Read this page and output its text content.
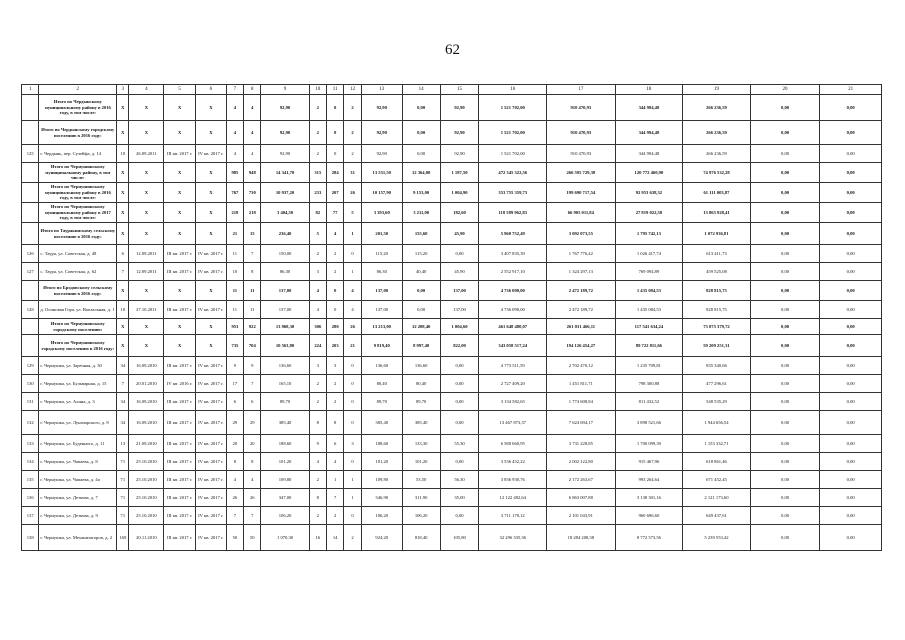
62
1	2	3	4	5	6	7	8	9	10	11	12	13	14	15	16	17	18	19	20	21
	Итого по Чердынскому муниципальному району в 2016 году, в том числе:	X	X	X	X	4	4	92,90	2	0	2	92,90	0,00	92,90	1 521 702,00	910 470,93	344 994,48	266 236,59	0,00	0,00
	Итого по Чердынскому городскому поселению в 2016 году:	X	X	X	X	4	4	92,90	2	0	2	92,90	0,00	92,90	1 521 702,00	910 470,93	344 994,48	266 236,59	0,00	0,00
125	г. Чердынь, пер. Сулейфа, д. 14	10	26.09.2011	III кв. 2017 г.	IV кв. 2017 г.	4	4	92,90	2	0	2	92,90	0,00	92,90	1 521 702,00	910 470,93	344 994,48	266 236,59	0,00	0,00
	Итого по Чернушинскому муниципальному району, в том числе:	X	X	X	X	985	948	14 341,70	315	284	31	13 551,50	12 364,00	1 187,50	472 345 322,56	266 595 729,38	120 772 460,90	74 976 532,28	0,00	0,00
	Итого по Чернушинскому муниципальному району в 2016 году, в том числе:	X	X	X	X	767	730	10 937,20	233	207	26	10 157,90	9 153,00	1 004,90	353 755 359,73	199 690 717,54	92 953 638,32	61 111 003,87	0,00	0,00
	Итого по Чернушинскому муниципальному району в 2017 году, в том числе:	X	X	X	X	218	218	3 404,50	82	77	5	3 393,60	3 211,00	182,60	118 589 962,83	66 905 011,84	27 819 022,58	13 865 928,41	0,00	0,00
	Итого по Тауракинскому сельскому поселению в 2016 году:	X	X	X	X	21	15	236,40	5	4	1	201,50	155,60	45,90	5 960 752,49	3 092 073,55	1 795 742,13	1 072 936,81	0,00	0,00
126	с. Таура, ул. Советская, д. 48	6	12.09.2011	III кв. 2017 г.	IV кв. 2017 г.	11	7	150,00	2	2	0	115,20	115,20	0,00	3 407 835,39	1 767 776,42	1 026 417,74	613 411,73	0,00	0,00
127	с. Таура, ул. Советская, д. 62	7	12.09.2011	III кв. 2017 г.	IV кв. 2017 г.	10	8	86,30	3	2	1	86,30	40,40	45,90	2 552 917,10	1 324 297,13	769 094,89	459 525,08	0,00	0,00
	Итого по Бродовскому сельскому поселению в 2016 году:	X	X	X	X	11	11	137,00	4	0	4	137,00	0,00	137,00	4 736 090,00	2 472 189,72	1 435 084,53	828 815,75	0,00	0,00
128	д. Осиновая Гора, ул. Вокзальная, д. 1	10	27.10.2011	III кв. 2017 г.	IV кв. 2017 г.	11	11	137,00	4	0	4	137,00	0,00	137,00	4 736 090,00	2 472 189,72	1 435 084,53	828 815,75	0,00	0,00
	Итого по Чернушинскому городскому поселению:	X	X	X	X	953	922	13 968,30	306	280	26	13 213,00	12 208,40	1 004,60	461 648 480,07	261 031 466,11	117 541 634,24	73 075 379,72	0,00	0,00
	Итого по Чернушинскому городскому поселению в 2016 году:	X	X	X	X	735	704	10 563,80	224	203	21	9 819,40	8 997,40	822,00	343 058 517,24	194 126 454,27	89 722 811,66	59 209 251,31	0,00	0,00
129	г. Чернушка, ул. Заречная, д. 30	34	16.09.2010	III кв. 2017 г.	IV кв. 2017 г.	9	9	136,60	3	3	0	136,60	136,60	0,00	4 773 511,59	2 702 470,12	1 235 709,81	835 340,66	0,00	0,00
130	г. Чернушка, ул. Бульварная, д. 15	7	20.01.2010	IV кв. 2016 г.	IV кв. 2017 г.	17	7	165,10	2	2	0	80,40	80,40	0,00	2 727 409,20	1 451 811,71	798 300,88	477 296,61	0,00	0,00
131	г. Чернушка, ул. Алина, д. 3	34	16.09.2010	III кв. 2017 г.	IV кв. 2017 г.	6	6	89,70	2	2	0	89,70	89,70	0,00	3 134 582,65	1 774 608,84	811 432,52	548 535,29	0,00	0,00
132	г. Чернушка, ул. Луначарского, д. 8	34	16.09.2010	III кв. 2017 г.	IV кв. 2017 г.	29	29	385,40	8	8	0	385,40	385,40	0,00	13 467 873,37	7 624 694,17	3 898 521,66	1 944 656,54	0,00	0,00
133	г. Чернушка, ул. Буденного, д. 11	13	21.09.2010	III кв. 2017 г.	IV кв. 2017 г.	20	20	188,60	9	6	3	188,60	133,30	55,30	6 580 660,95	3 731 228,85	1 700 099,39	1 153 332,71	0,00	0,00
134	г. Чернушка, ул. Чапаева, д. 8	71	25.10.2010	III кв. 2017 г.	IV кв. 2017 г.	8	8	101,20	4	4	0	101,20	101,20	0,00	3 536 452,22	2 002 122,80	915 467,96	618 861,46	0,00	0,00
135	г. Чернушка, ул. Чапаева, д. 4а	71	25.10.2010	III кв. 2017 г.	IV кв. 2017 г.	4	4	109,80	2	1	1	109,80	53,50	56,30	3 836 930,76	2 172 263,67	993 264,64	671 452,45	0,00	0,00
136	г. Чернушка, ул. Деткова, д. 7	71	25.10.2010	III кв. 2017 г.	IV кв. 2017 г.	26	26	347,00	8	7	1	346,90	311,90	35,00	12 122 482,64	6 863 007,88	3 138 301,16	2 121 173,60	0,00	0,00
137	г. Чернушка, ул. Деткова, д. 9	71	25.10.2010	III кв. 2017 г.	IV кв. 2017 г.	7	7	106,20	2	2	0	106,20	106,20	0,00	3 711 178,12	2 101 043,91	960 696,60	649 437,61	0,00	0,00
138	г. Чернушка, ул. Механизаторов, д. 2	169	20.11.2010	III кв. 2017 г.	IV кв. 2017 г.	50	50	1 070,30	16	14	2	924,20	818,40	105,80	32 296 335,36	18 284 208,38	8 772 573,56	5 239 553,42	0,00	0,00
